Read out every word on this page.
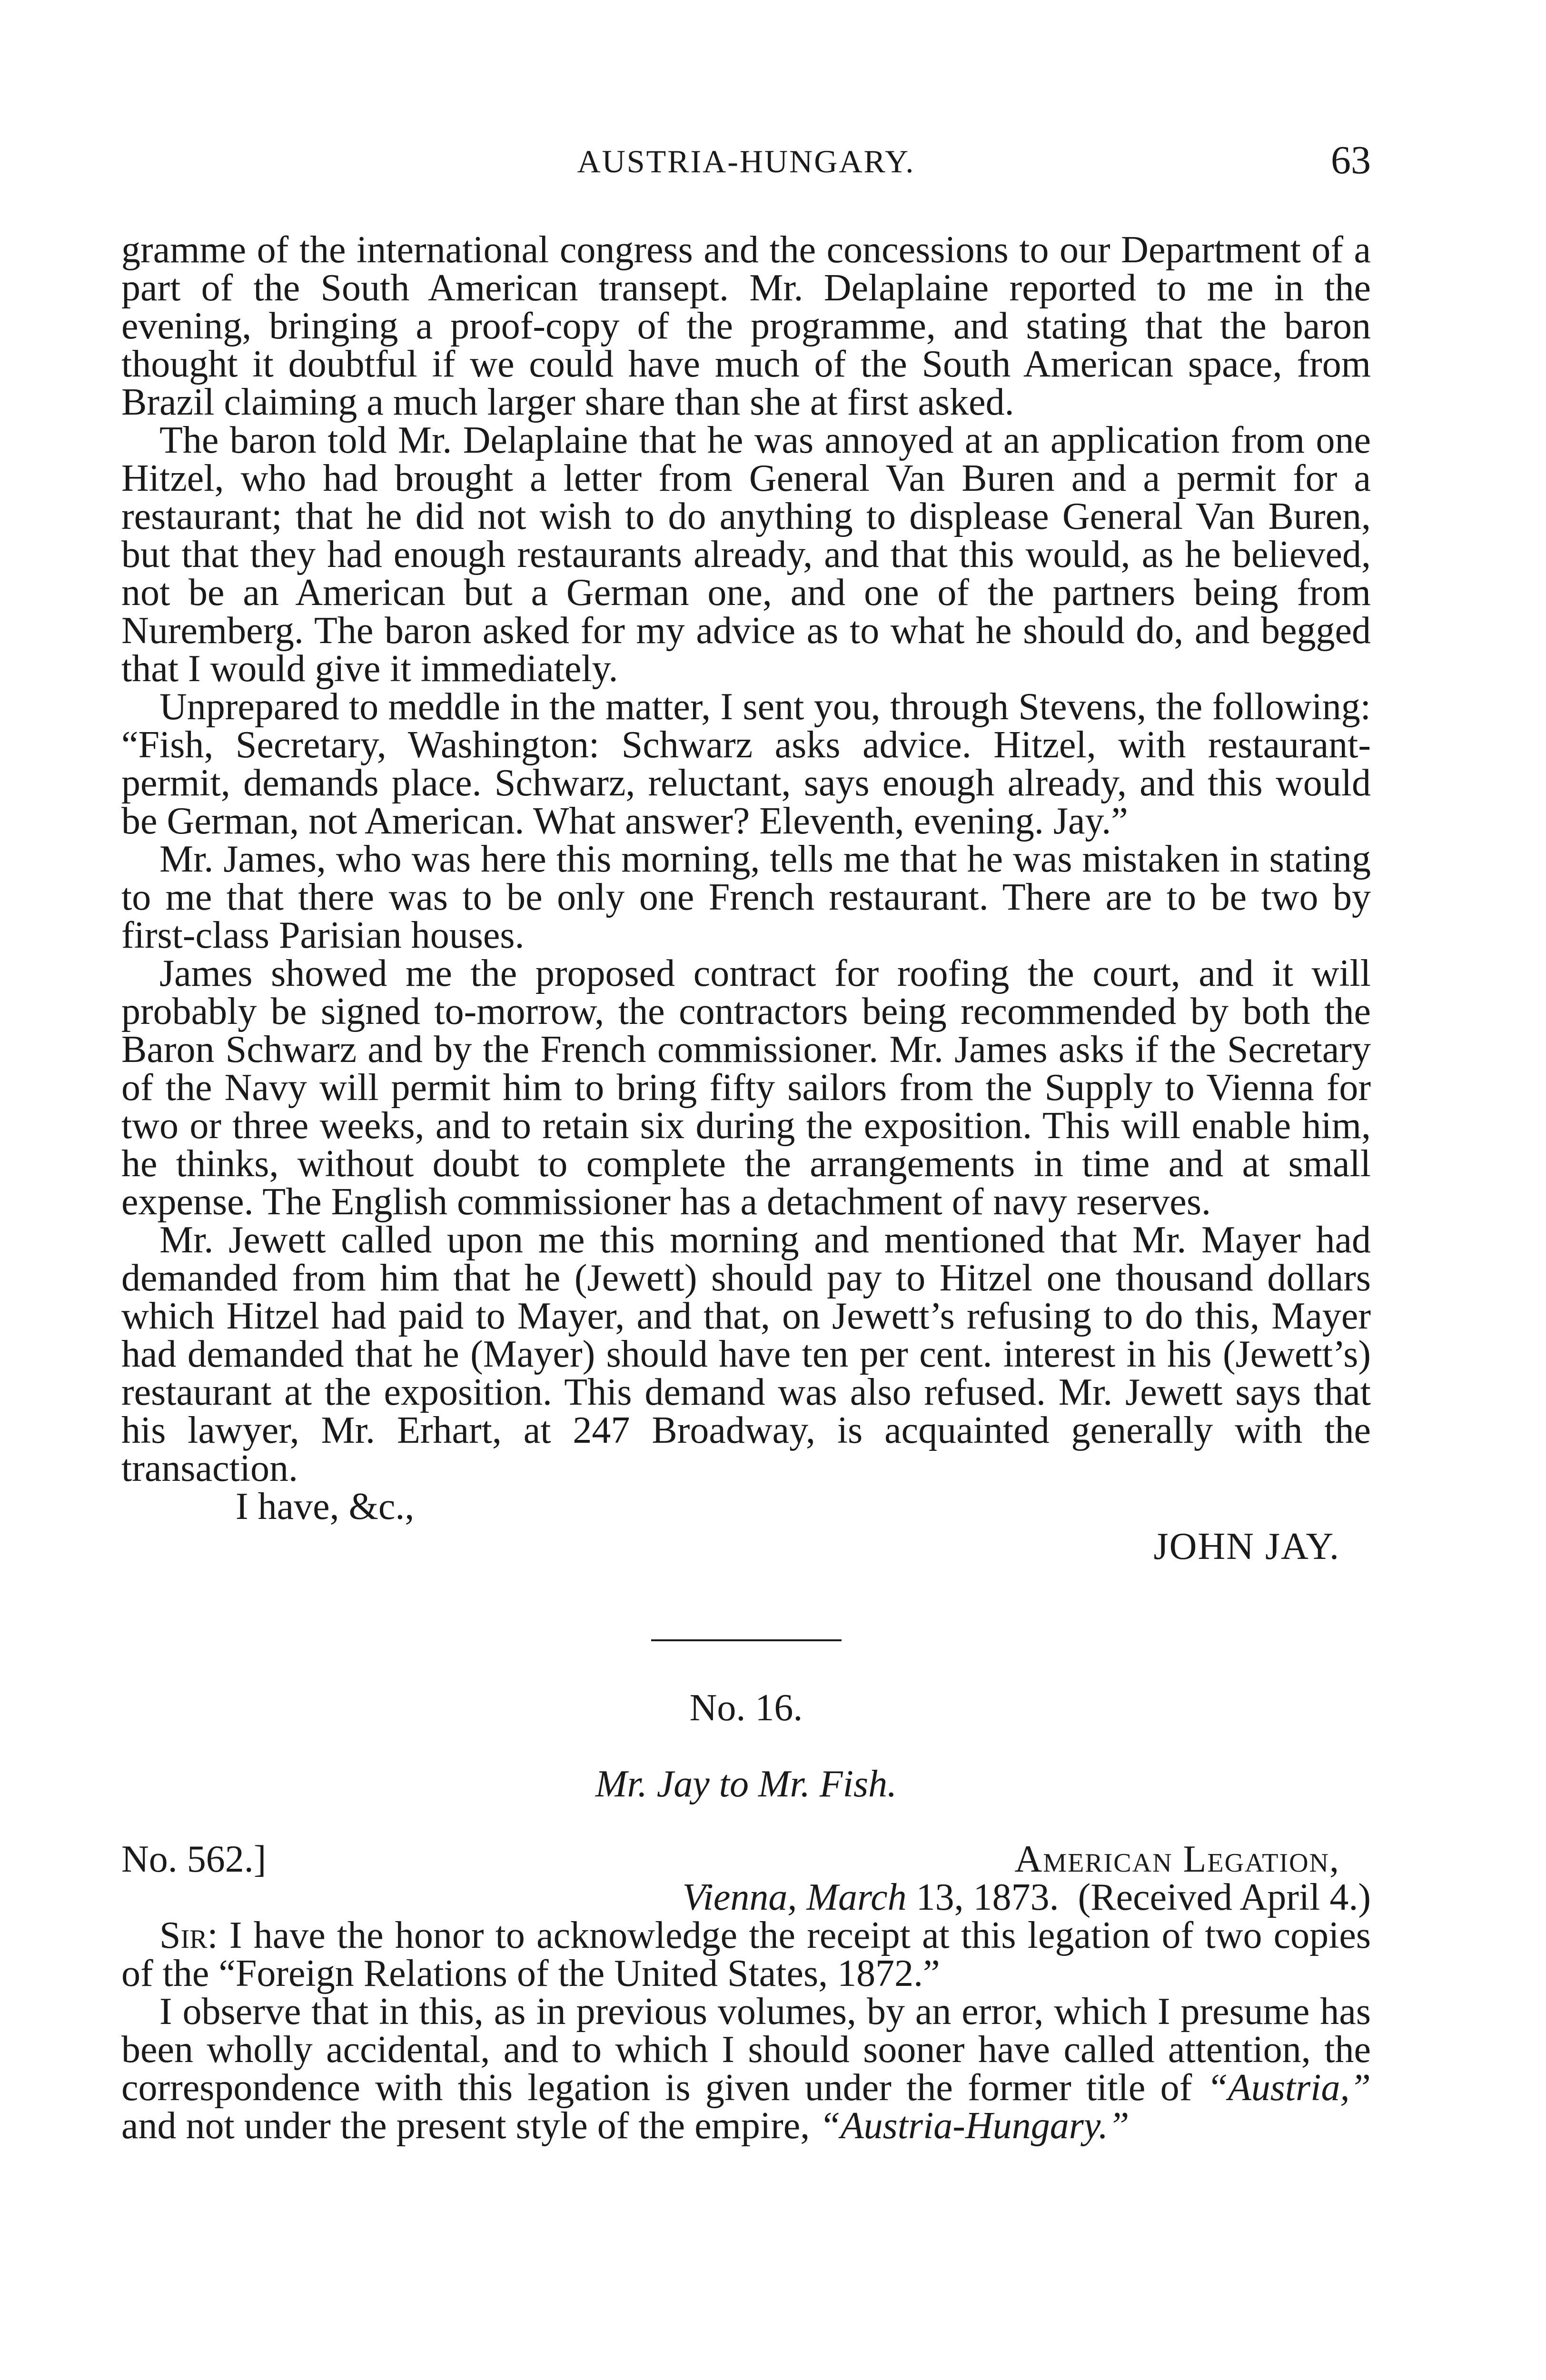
AUSTRIA-HUNGARY.	63

gramme of the international congress and the concessions to our Department of a part of the South American transept. Mr. Delaplaine reported to me in the evening, bringing a proof-copy of the programme, and stating that the baron thought it doubtful if we could have much of the South American space, from Brazil claiming a much larger share than she at first asked.

The baron told Mr. Delaplaine that he was annoyed at an application from one Hitzel, who had brought a letter from General Van Buren and a permit for a restaurant; that he did not wish to do anything to displease General Van Buren, but that they had enough restaurants already, and that this would, as he believed, not be an American but a German one, and one of the partners being from Nuremberg. The baron asked for my advice as to what he should do, and begged that I would give it immediately.

Unprepared to meddle in the matter, I sent you, through Stevens, the following: “Fish, Secretary, Washington: Schwarz asks advice. Hitzel, with restaurant-permit, demands place. Schwarz, reluctant, says enough already, and this would be German, not American. What answer? Eleventh, evening. Jay.”

Mr. James, who was here this morning, tells me that he was mistaken in stating to me that there was to be only one French restaurant. There are to be two by first-class Parisian houses.

James showed me the proposed contract for roofing the court, and it will probably be signed to-morrow, the contractors being recommended by both the Baron Schwarz and by the French commissioner. Mr. James asks if the Secretary of the Navy will permit him to bring fifty sailors from the Supply to Vienna for two or three weeks, and to retain six during the exposition. This will enable him, he thinks, without doubt to complete the arrangements in time and at small expense. The English commissioner has a detachment of navy reserves.

Mr. Jewett called upon me this morning and mentioned that Mr. Mayer had demanded from him that he (Jewett) should pay to Hitzel one thousand dollars which Hitzel had paid to Mayer, and that, on Jewett’s refusing to do this, Mayer had demanded that he (Mayer) should have ten per cent. interest in his (Jewett’s) restaurant at the exposition. This demand was also refused. Mr. Jewett says that his lawyer, Mr. Erhart, at 247 Broadway, is acquainted generally with the transaction.

I have, &c.,

JOHN JAY.

No. 16.

Mr. Jay to Mr. Fish.

No. 562.]	American Legation,
Vienna, March 13, 1873. (Received April 4.)

Sir: I have the honor to acknowledge the receipt at this legation of two copies of the “Foreign Relations of the United States, 1872.”

I observe that in this, as in previous volumes, by an error, which I presume has been wholly accidental, and to which I should sooner have called attention, the correspondence with this legation is given under the former title of “Austria,” and not under the present style of the empire, “Austria-Hungary.”
